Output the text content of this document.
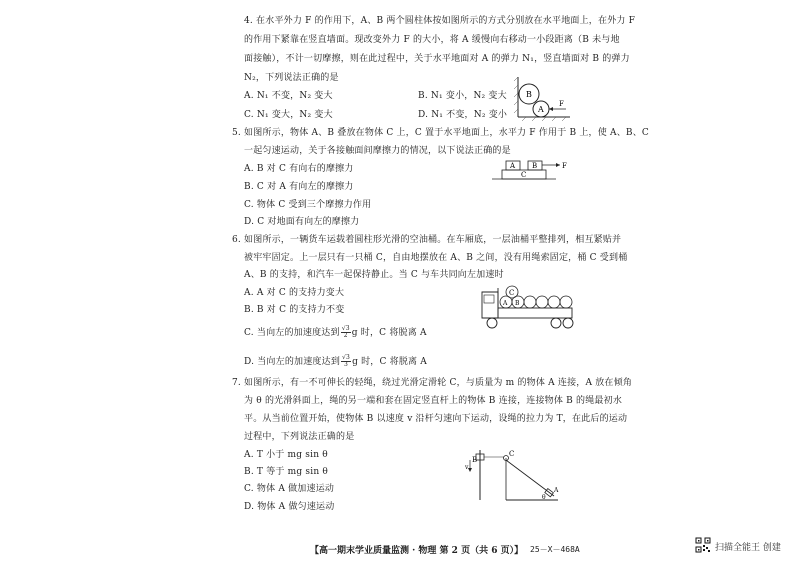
4. 在水平外力 F 的作用下，A、B 两个圆柱体按如图所示的方式分别放在水平地面上，在外力 F
的作用下紧靠在竖直墙面。现改变外力 F 的大小，将 A 缓慢向右移动一小段距离（B 未与地
面接触），不计一切摩擦，则在此过程中，关于水平地面对 A 的弹力 N₁，竖直墙面对 B 的弹力
N₂，下列说法正确的是
A. N₁ 不变，N₂ 变大	B. N₁ 变小，N₂ 变大
C. N₁ 变大，N₂ 变大	D. N₁ 不变，N₂ 变小
B
A
F
5. 如图所示，物体 A、B 叠放在物体 C 上，C 置于水平地面上，水平力 F 作用于 B 上，使 A、B、C
一起匀速运动，关于各接触面间摩擦力的情况，以下说法正确的是
A. B 对 C 有向右的摩擦力
B. C 对 A 有向左的摩擦力
C. 物体 C 受到三个摩擦力作用
D. C 对地面有向左的摩擦力
A B
C
F
6. 如图所示，一辆货车运载着圆柱形光滑的空油桶。在车厢底，一层油桶平整排列，相互紧贴并
被牢牢固定。上一层只有一只桶 C，自由地摆放在 A、B 之间，没有用绳索固定，桶 C 受到桶
A、B 的支持，和汽车一起保持静止。当 C 与车共同向左加速时
A. A 对 C 的支持力变大
B. B 对 C 的支持力不变
C. 当向左的加速度达到 $\frac{√3}{2}$ g 时，C 将脱离 A
D. 当向左的加速度达到 $\frac{√3}{3}$ g 时，C 将脱离 A
C
A B
7. 如图所示，有一不可伸长的轻绳，绕过光滑定滑轮 C，与质量为 m 的物体 A 连接，A 放在倾角
为 θ 的光滑斜面上，绳的另一端和套在固定竖直杆上的物体 B 连接，连接物体 B 的绳最初水
平。从当前位置开始，使物体 B 以速度 v 沿杆匀速向下运动，设绳的拉力为 T，在此后的运动
过程中，下列说法正确的是
A. T 小于 mg sin θ
B. T 等于 mg sin θ
C. 物体 A 做加速运动
D. 物体 A 做匀速运动
B
C
A
v
θ
【高一期末学业质量监测 · 物理 第 2 页（共 6 页）】 25－X－468A	扫描全能王 创建
